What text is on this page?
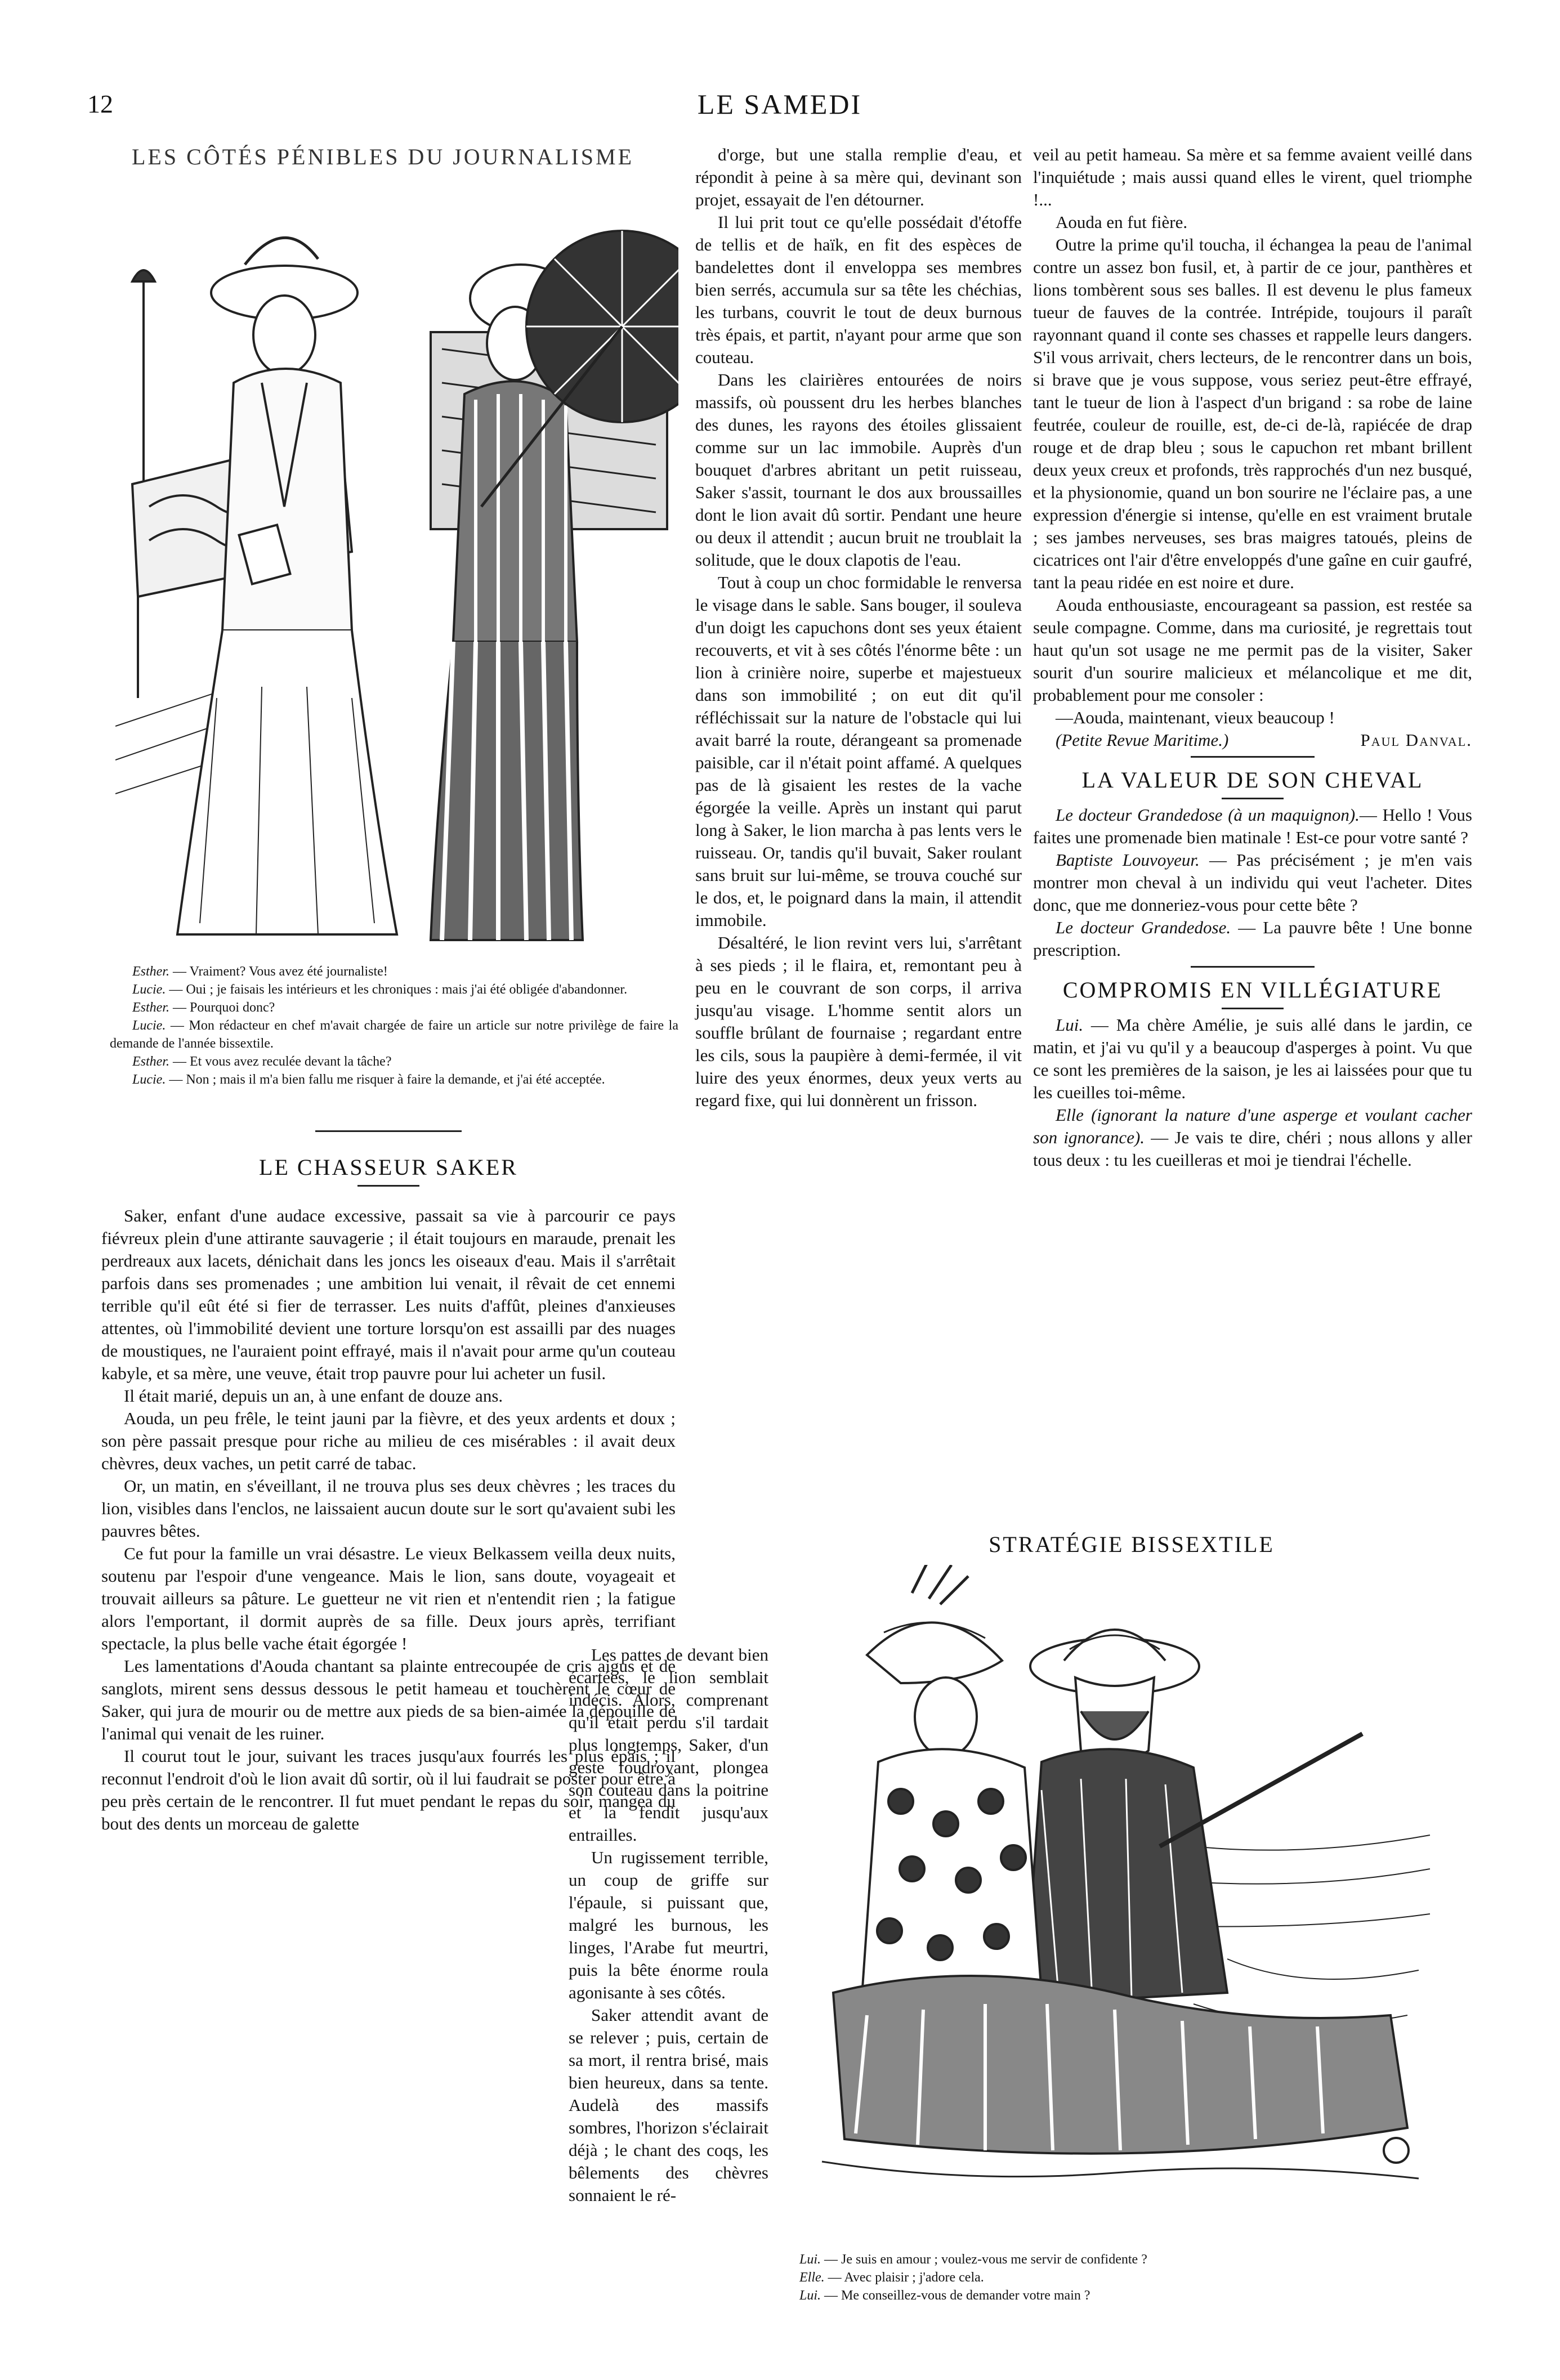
12	LE SAMEDI
LES CÔTÉS PÉNIBLES DU JOURNALISME

Esther. — Vraiment? Vous avez été journaliste!

Lucie. — Oui ; je faisais les intérieurs et les chroniques : mais j'ai été obligée d'abandonner.

Esther. — Pourquoi donc?

Lucie. — Mon rédacteur en chef m'avait chargée de faire un article sur notre privilège de faire la demande de l'année bissextile.

Esther. — Et vous avez reculée devant la tâche?

Lucie. — Non ; mais il m'a bien fallu me risquer à faire la demande, et j'ai été acceptée.

LE CHASSEUR SAKER

Saker, enfant d'une audace excessive, passait sa vie à parcourir ce pays fiévreux plein d'une attirante sauvagerie ; il était toujours en maraude, prenait les perdreaux aux lacets, dénichait dans les joncs les oiseaux d'eau. Mais il s'arrêtait parfois dans ses promenades ; une ambition lui venait, il rêvait de cet ennemi terrible qu'il eût été si fier de terrasser. Les nuits d'affût, pleines d'anxieuses attentes, où l'immobilité devient une torture lorsqu'on est assailli par des nuages de moustiques, ne l'auraient point effrayé, mais il n'avait pour arme qu'un couteau kabyle, et sa mère, une veuve, était trop pauvre pour lui acheter un fusil.

Il était marié, depuis un an, à une enfant de douze ans.

Aouda, un peu frêle, le teint jauni par la fièvre, et des yeux ardents et doux ; son père passait presque pour riche au milieu de ces misérables : il avait deux chèvres, deux vaches, un petit carré de tabac.

Or, un matin, en s'éveillant, il ne trouva plus ses deux chèvres ; les traces du lion, visibles dans l'enclos, ne laissaient aucun doute sur le sort qu'avaient subi les pauvres bêtes.

Ce fut pour la famille un vrai désastre. Le vieux Belkassem veilla deux nuits, soutenu par l'espoir d'une vengeance. Mais le lion, sans doute, voyageait et trouvait ailleurs sa pâture. Le guetteur ne vit rien et n'entendit rien ; la fatigue alors l'emportant, il dormit auprès de sa fille. Deux jours après, terrifiant spectacle, la plus belle vache était égorgée !

Les lamentations d'Aouda chantant sa plainte entrecoupée de cris aigus et de sanglots, mirent sens dessus dessous le petit hameau et touchèrent le cœur de Saker, qui jura de mourir ou de mettre aux pieds de sa bien-aimée la dépouille de l'animal qui venait de les ruiner.

Il courut tout le jour, suivant les traces jusqu'aux fourrés les plus épais ; il reconnut l'endroit d'où le lion avait dû sortir, où il lui faudrait se poster pour être à peu près certain de le rencontrer. Il fut muet pendant le repas du soir, mangea du bout des dents un morceau de galette

d'orge, but une stalla remplie d'eau, et répondit à peine à sa mère qui, devinant son projet, essayait de l'en détourner.

Il lui prit tout ce qu'elle possédait d'étoffe de tellis et de haïk, en fit des espèces de bandelettes dont il enveloppa ses membres bien serrés, accumula sur sa tête les chéchias, les turbans, couvrit le tout de deux burnous très épais, et partit, n'ayant pour arme que son couteau.

Dans les clairières entourées de noirs massifs, où poussent dru les herbes blanches des dunes, les rayons des étoiles glissaient comme sur un lac immobile. Auprès d'un bouquet d'arbres abritant un petit ruisseau, Saker s'assit, tournant le dos aux broussailles dont le lion avait dû sortir. Pendant une heure ou deux il attendit ; aucun bruit ne troublait la solitude, que le doux clapotis de l'eau.

Tout à coup un choc formidable le renversa le visage dans le sable. Sans bouger, il souleva d'un doigt les capuchons dont ses yeux étaient recouverts, et vit à ses côtés l'énorme bête : un lion à crinière noire, superbe et majestueux dans son immobilité ; on eut dit qu'il réfléchissait sur la nature de l'obstacle qui lui avait barré la route, dérangeant sa promenade paisible, car il n'était point affamé. A quelques pas de là gisaient les restes de la vache égorgée la veille. Après un instant qui parut long à Saker, le lion marcha à pas lents vers le ruisseau. Or, tandis qu'il buvait, Saker roulant sans bruit sur lui-même, se trouva couché sur le dos, et, le poignard dans la main, il attendit immobile.

Désaltéré, le lion revint vers lui, s'arrêtant à ses pieds ; il le flaira, et, remontant peu à peu en le couvrant de son corps, il arriva jusqu'au visage. L'homme sentit alors un souffle brûlant de fournaise ; regardant entre les cils, sous la paupière à demi-fermée, il vit luire des yeux énormes, deux yeux verts au regard fixe, qui lui donnèrent un frisson.

Les pattes de devant bien écartées, le lion semblait indécis. Alors, comprenant qu'il était perdu s'il tardait plus longtemps, Saker, d'un geste foudroyant, plongea son couteau dans la poitrine et la fendit jusqu'aux entrailles.

Un rugissement terrible, un coup de griffe sur l'épaule, si puissant que, malgré les burnous, les linges, l'Arabe fut meurtri, puis la bête énorme roula agonisante à ses côtés.

Saker attendit avant de se relever ; puis, certain de sa mort, il rentra brisé, mais bien heureux, dans sa tente. Audelà des massifs sombres, l'horizon s'éclairait déjà ; le chant des coqs, les bêlements des chèvres sonnaient le ré-

veil au petit hameau. Sa mère et sa femme avaient veillé dans l'inquiétude ; mais aussi quand elles le virent, quel triomphe !...

Aouda en fut fière.

Outre la prime qu'il toucha, il échangea la peau de l'animal contre un assez bon fusil, et, à partir de ce jour, panthères et lions tombèrent sous ses balles. Il est devenu le plus fameux tueur de fauves de la contrée. Intrépide, toujours il paraît rayonnant quand il conte ses chasses et rappelle leurs dangers. S'il vous arrivait, chers lecteurs, de le rencontrer dans un bois, si brave que je vous suppose, vous seriez peut-être effrayé, tant le tueur de lion à l'aspect d'un brigand : sa robe de laine feutrée, couleur de rouille, est, de-ci de-là, rapiécée de drap rouge et de drap bleu ; sous le capuchon ret mbant brillent deux yeux creux et profonds, très rapprochés d'un nez busqué, et la physionomie, quand un bon sourire ne l'éclaire pas, a une expression d'énergie si intense, qu'elle en est vraiment brutale ; ses jambes nerveuses, ses bras maigres tatoués, pleins de cicatrices ont l'air d'être enveloppés d'une gaîne en cuir gaufré, tant la peau ridée en est noire et dure.

Aouda enthousiaste, encourageant sa passion, est restée sa seule compagne. Comme, dans ma curiosité, je regrettais tout haut qu'un sot usage ne me permit pas de la visiter, Saker sourit d'un sourire malicieux et mélancolique et me dit, probablement pour me consoler :

—Aouda, maintenant, vieux beaucoup !

(Petite Revue Maritime.)	Paul Danval.

LA VALEUR DE SON CHEVAL

Le docteur Grandedose (à un maquignon).— Hello ! Vous faites une promenade bien matinale ! Est-ce pour votre santé ?

Baptiste Louvoyeur. — Pas précisément ; je m'en vais montrer mon cheval à un individu qui veut l'acheter. Dites donc, que me donneriez-vous pour cette bête ?

Le docteur Grandedose. — La pauvre bête ! Une bonne prescription.

COMPROMIS EN VILLÉGIATURE

Lui. — Ma chère Amélie, je suis allé dans le jardin, ce matin, et j'ai vu qu'il y a beaucoup d'asperges à point. Vu que ce sont les premières de la saison, je les ai laissées pour que tu les cueilles toi-même.

Elle (ignorant la nature d'une asperge et voulant cacher son ignorance). — Je vais te dire, chéri ; nous allons y aller tous deux : tu les cueilleras et moi je tiendrai l'échelle.

STRATÉGIE BISSEXTILE

Lui. — Je suis en amour ; voulez-vous me servir de confidente ?

Elle. — Avec plaisir ; j'adore cela.

Lui. — Me conseillez-vous de demander votre main ?
